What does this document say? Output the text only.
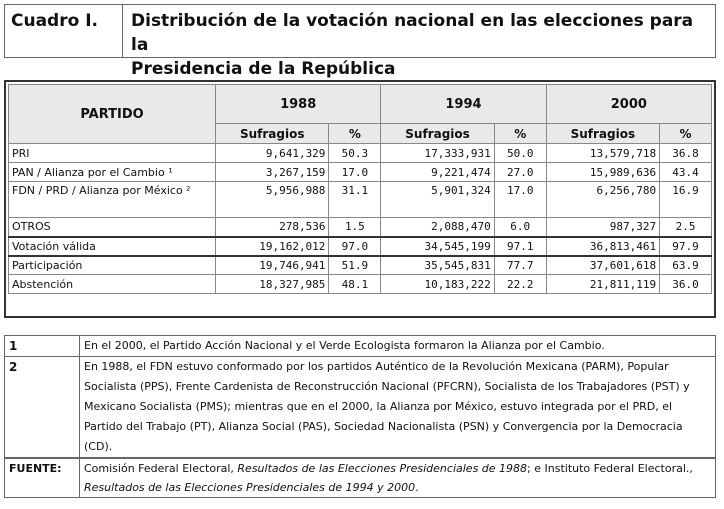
Cuadro I.	Distribución de la votación nacional en las elecciones para la
Presidencia de la República
PARTIDO	1988		1994		2000	
	Sufragios	%	Sufragios	%	Sufragios	%
PRI	9,641,329	50.3	17,333,931	50.0	13,579,718	36.8
PAN / Alianza por el Cambio ¹	3,267,159	17.0	9,221,474	27.0	15,989,636	43.4
FDN / PRD / Alianza por México ²	5,956,988	31.1	5,901,324	17.0	6,256,780	16.9
OTROS	278,536	1.5	2,088,470	6.0	987,327	2.5
Votación válida	19,162,012	97.0	34,545,199	97.1	36,813,461	97.9
Participación	19,746,941	51.9	35,545,831	77.7	37,601,618	63.9
Abstención	18,327,985	48.1	10,183,222	22.2	21,811,119	36.0
1	En el 2000, el Partido Acción Nacional y el Verde Ecologista formaron la Alianza por el Cambio.
2	En 1988, el FDN estuvo conformado por los partidos Auténtico de la Revolución Mexicana (PARM), Popular Socialista (PPS), Frente Cardenista de Reconstrucción Nacional (PFCRN), Socialista de los Trabajadores (PST) y Mexicano Socialista (PMS); mientras que en el 2000, la Alianza por México, estuvo integrada por el PRD, el Partido del Trabajo (PT), Alianza Social (PAS), Sociedad Nacionalista (PSN) y Convergencia por la Democracia (CD).
FUENTE:	Comisión Federal Electoral, Resultados de las Elecciones Presidenciales de 1988; e Instituto Federal Electoral., Resultados de las Elecciones Presidenciales de 1994 y 2000.
